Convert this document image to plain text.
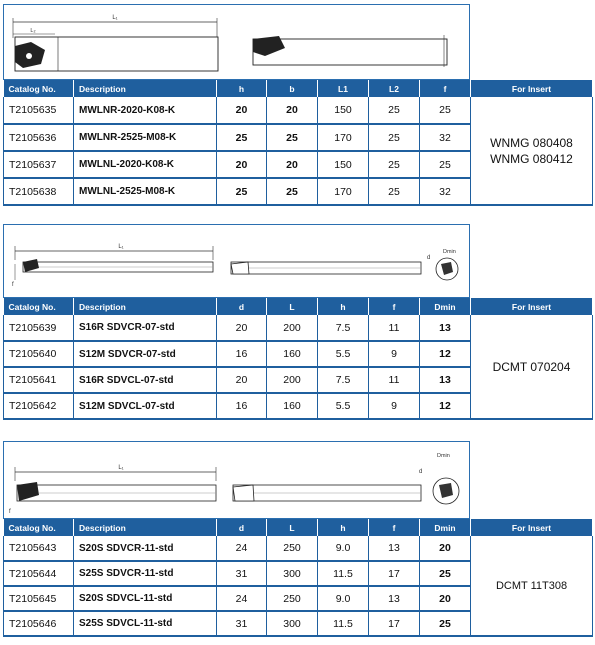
L₁
L₂
Catalog No.	Description	h	b	L1	L2	f	For Insert
T2105635	MWLNR-2020-K08-K	20	20	150	25	25	WNMG 080408
WNMG 080412

T2105636	MWLNR-2525-M08-K	25	25	170	25	32	
T2105637	MWLNL-2020-K08-K	20	20	150	25	25	
T2105638	MWLNL-2525-M08-K	25	25	170	25	32	
L₁
f
Dmin
d
Catalog No.	Description	d	L	h	f	Dmin	For Insert
T2105639	S16R SDVCR-07-std	20	200	7.5	11	13	DCMT 070204

T2105640	S12M SDVCR-07-std	16	160	5.5	9	12	
T2105641	S16R SDVCL-07-std	20	200	7.5	11	13	
T2105642	S12M SDVCL-07-std	16	160	5.5	9	12	
L₁
f
Dmin
d
Catalog No.	Description	d	L	h	f	Dmin	For Insert
T2105643	S20S SDVCR-11-std	24	250	9.0	13	20	DCMT 11T308

T2105644	S25S SDVCR-11-std	31	300	11.5	17	25	
T2105645	S20S SDVCL-11-std	24	250	9.0	13	20	
T2105646	S25S SDVCL-11-std	31	300	11.5	17	25	
